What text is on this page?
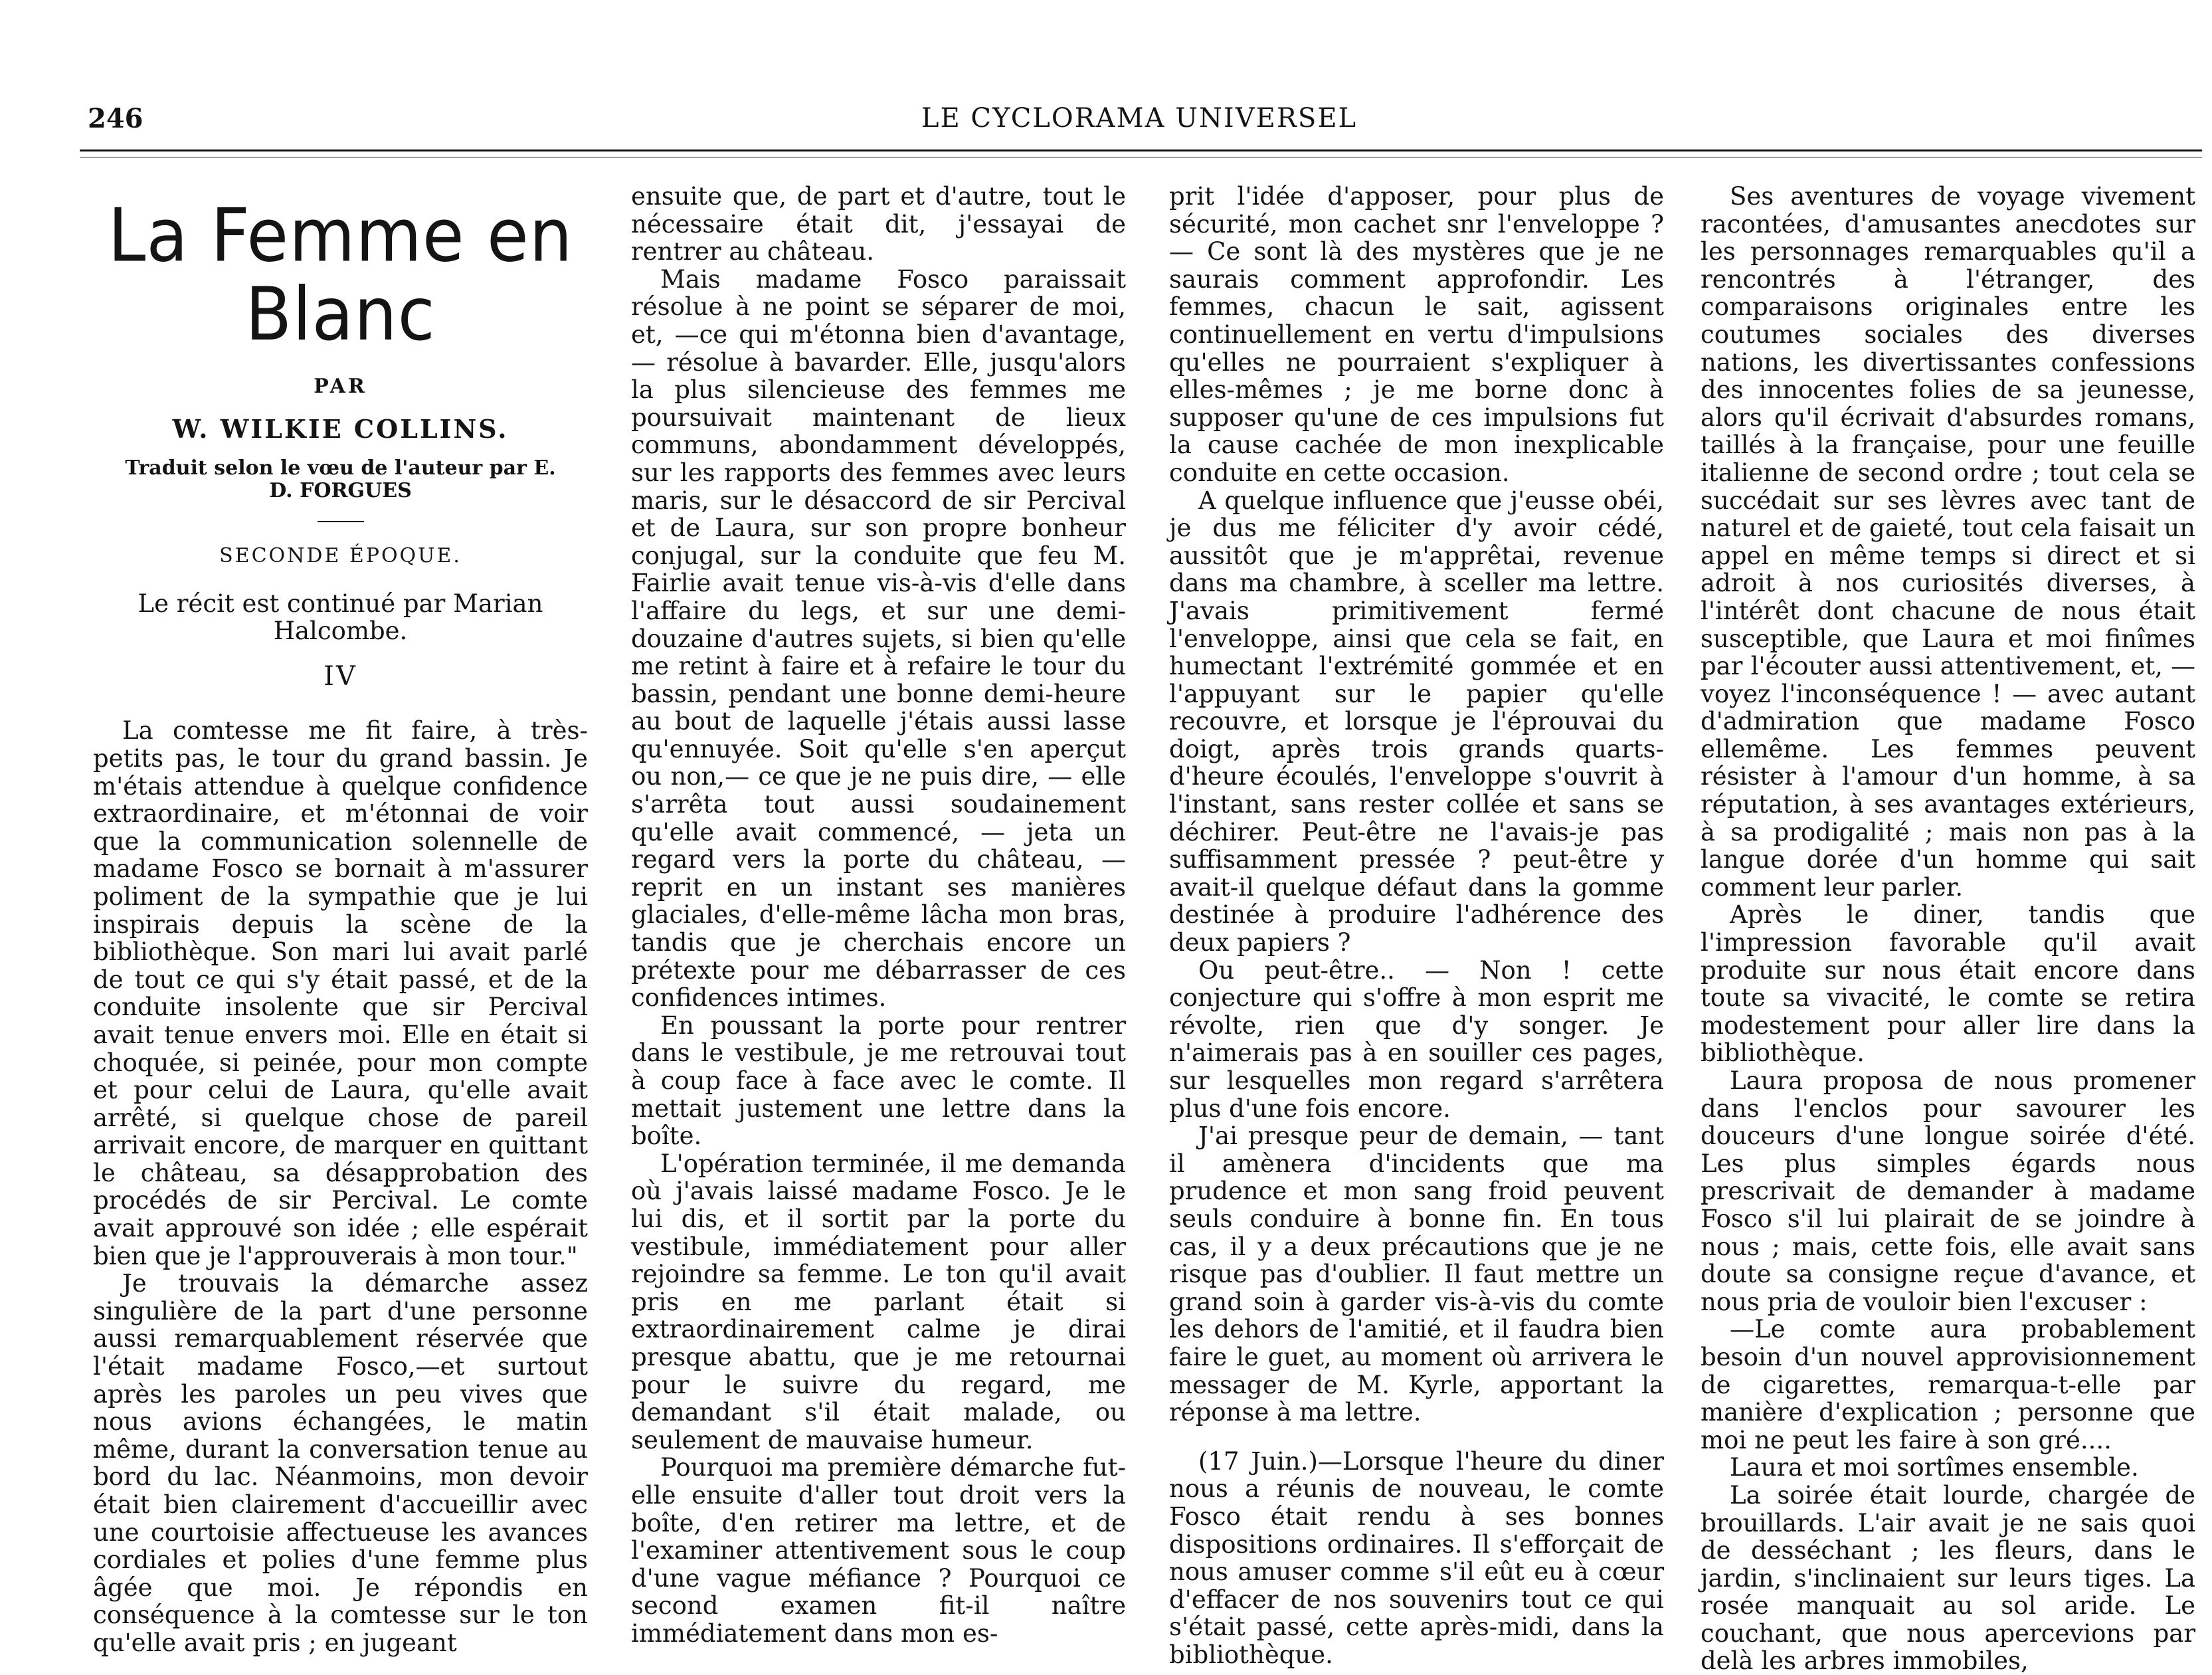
246	LE CYCLORAMA UNIVERSEL
La Femme en Blanc
PAR
W. WILKIE COLLINS.
Traduit selon le vœu de l'auteur par E. D. FORGUES
SECONDE ÉPOQUE.
Le récit est continué par Marian Halcombe.
IV

La comtesse me fit faire, à très-petits pas, le tour du grand bassin. Je m'étais attendue à quelque confidence extraordinaire, et m'étonnai de voir que la communication solennelle de madame Fosco se bornait à m'assurer poliment de la sympathie que je lui inspirais depuis la scène de la bibliothèque. Son mari lui avait parlé de tout ce qui s'y était passé, et de la conduite insolente que sir Percival avait tenue envers moi. Elle en était si choquée, si peinée, pour mon compte et pour celui de Laura, qu'elle avait arrêté, si quelque chose de pareil arrivait encore, de marquer en quittant le château, sa désapprobation des procédés de sir Percival. Le comte avait approuvé son idée ; elle espérait bien que je l'approuverais à mon tour."

Je trouvais la démarche assez singulière de la part d'une personne aussi remarquablement réservée que l'était madame Fosco,—et surtout après les paroles un peu vives que nous avions échangées, le matin même, durant la conversation tenue au bord du lac. Néanmoins, mon devoir était bien clairement d'accueillir avec une courtoisie affectueuse les avances cordiales et polies d'une femme plus âgée que moi. Je répondis en conséquence à la comtesse sur le ton qu'elle avait pris ; en jugeant

ensuite que, de part et d'autre, tout le nécessaire était dit, j'essayai de rentrer au château.

Mais madame Fosco paraissait résolue à ne point se séparer de moi, et, —ce qui m'étonna bien d'avantage, — résolue à bavarder. Elle, jusqu'alors la plus silencieuse des femmes me poursuivait maintenant de lieux communs, abondamment développés, sur les rapports des femmes avec leurs maris, sur le désaccord de sir Percival et de Laura, sur son propre bonheur conjugal, sur la conduite que feu M. Fairlie avait tenue vis-à-vis d'elle dans l'affaire du legs, et sur une demi-douzaine d'autres sujets, si bien qu'elle me retint à faire et à refaire le tour du bassin, pendant une bonne demi-heure au bout de laquelle j'étais aussi lasse qu'ennuyée. Soit qu'elle s'en aperçut ou non,— ce que je ne puis dire, — elle s'arrêta tout aussi soudainement qu'elle avait commencé, — jeta un regard vers la porte du château, — reprit en un instant ses manières glaciales, d'elle-même lâcha mon bras, tandis que je cherchais encore un prétexte pour me débarrasser de ces confidences intimes.

En poussant la porte pour rentrer dans le vestibule, je me retrouvai tout à coup face à face avec le comte. Il mettait justement une lettre dans la boîte.

L'opération terminée, il me demanda où j'avais laissé madame Fosco. Je le lui dis, et il sortit par la porte du vestibule, immédiatement pour aller rejoindre sa femme. Le ton qu'il avait pris en me parlant était si extraordinairement calme je dirai presque abattu, que je me retournai pour le suivre du regard, me demandant s'il était malade, ou seulement de mauvaise humeur.

Pourquoi ma première démarche fut-elle ensuite d'aller tout droit vers la boîte, d'en retirer ma lettre, et de l'examiner attentivement sous le coup d'une vague méfiance ? Pourquoi ce second examen fit-il naître immédiatement dans mon es-

prit l'idée d'apposer, pour plus de sécurité, mon cachet snr l'enveloppe ? — Ce sont là des mystères que je ne saurais comment approfondir. Les femmes, chacun le sait, agissent continuellement en vertu d'impulsions qu'elles ne pourraient s'expliquer à elles-mêmes ; je me borne donc à supposer qu'une de ces impulsions fut la cause cachée de mon inexplicable conduite en cette occasion.

A quelque influence que j'eusse obéi, je dus me féliciter d'y avoir cédé, aussitôt que je m'apprêtai, revenue dans ma chambre, à sceller ma lettre. J'avais primitivement fermé l'enveloppe, ainsi que cela se fait, en humectant l'extrémité gommée et en l'appuyant sur le papier qu'elle recouvre, et lorsque je l'éprouvai du doigt, après trois grands quarts-d'heure écoulés, l'enveloppe s'ouvrit à l'instant, sans rester collée et sans se déchirer. Peut-être ne l'avais-je pas suffisamment pressée ? peut-être y avait-il quelque défaut dans la gomme destinée à produire l'adhérence des deux papiers ?

Ou peut-être.. — Non ! cette conjecture qui s'offre à mon esprit me révolte, rien que d'y songer. Je n'aimerais pas à en souiller ces pages, sur lesquelles mon regard s'arrêtera plus d'une fois encore.

J'ai presque peur de demain, — tant il amènera d'incidents que ma prudence et mon sang froid peuvent seuls conduire à bonne fin. En tous cas, il y a deux précautions que je ne risque pas d'oublier. Il faut mettre un grand soin à garder vis-à-vis du comte les dehors de l'amitié, et il faudra bien faire le guet, au moment où arrivera le messager de M. Kyrle, apportant la réponse à ma lettre.

(17 Juin.)—Lorsque l'heure du diner nous a réunis de nouveau, le comte Fosco était rendu à ses bonnes dispositions ordinaires. Il s'efforçait de nous amuser comme s'il eût eu à cœur d'effacer de nos souvenirs tout ce qui s'était passé, cette après-midi, dans la bibliothèque.

Ses aventures de voyage vivement racontées, d'amusantes anecdotes sur les personnages remarquables qu'il a rencontrés à l'étranger, des comparaisons originales entre les coutumes sociales des diverses nations, les divertissantes confessions des innocentes folies de sa jeunesse, alors qu'il écrivait d'absurdes romans, taillés à la française, pour une feuille italienne de second ordre ; tout cela se succédait sur ses lèvres avec tant de naturel et de gaieté, tout cela faisait un appel en même temps si direct et si adroit à nos curiosités diverses, à l'intérêt dont chacune de nous était susceptible, que Laura et moi finîmes par l'écouter aussi attentivement, et, — voyez l'inconséquence ! — avec autant d'admiration que madame Fosco ellemême. Les femmes peuvent résister à l'amour d'un homme, à sa réputation, à ses avantages extérieurs, à sa prodigalité ; mais non pas à la langue dorée d'un homme qui sait comment leur parler.

Après le diner, tandis que l'impression favorable qu'il avait produite sur nous était encore dans toute sa vivacité, le comte se retira modestement pour aller lire dans la bibliothèque.

Laura proposa de nous promener dans l'enclos pour savourer les douceurs d'une longue soirée d'été. Les plus simples égards nous prescrivait de demander à madame Fosco s'il lui plairait de se joindre à nous ; mais, cette fois, elle avait sans doute sa consigne reçue d'avance, et nous pria de vouloir bien l'excuser :

—Le comte aura probablement besoin d'un nouvel approvisionnement de cigarettes, remarqua-t-elle par manière d'explication ; personne que moi ne peut les faire à son gré....

Laura et moi sortîmes ensemble.

La soirée était lourde, chargée de brouillards. L'air avait je ne sais quoi de desséchant ; les fleurs, dans le jardin, s'inclinaient sur leurs tiges. La rosée manquait au sol aride. Le couchant, que nous apercevions par delà les arbres immobiles,
